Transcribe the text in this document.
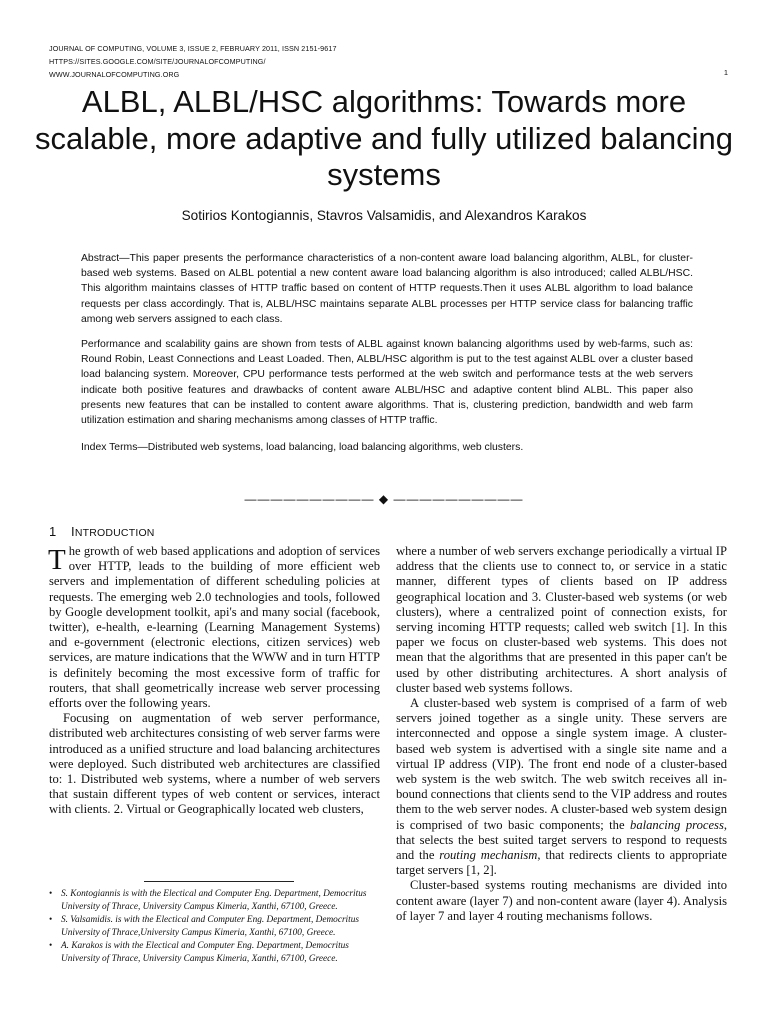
JOURNAL OF COMPUTING, VOLUME 3, ISSUE 2, FEBRUARY 2011, ISSN 2151-9617
HTTPS://SITES.GOOGLE.COM/SITE/JOURNALOFCOMPUTING/
WWW.JOURNALOFCOMPUTING.ORG	1
ALBL, ALBL/HSC algorithms: Towards more scalable, more adaptive and fully utilized balancing systems
Sotirios Kontogiannis, Stavros Valsamidis, and Alexandros Karakos
Abstract—This paper presents the performance characteristics of a non-content aware load balancing algorithm, ALBL, for cluster-based web systems. Based on ALBL potential a new content aware load balancing algorithm is also introduced; called ALBL/HSC. This algorithm maintains classes of HTTP traffic based on content of HTTP requests.Then it uses ALBL algorithm to load balance requests per class accordingly. That is, ALBL/HSC maintains separate ALBL processes per HTTP service class for balancing traffic among web servers assigned to each class.
Performance and scalability gains are shown from tests of ALBL against known balancing algorithms used by web-farms, such as: Round Robin, Least Connections and Least Loaded. Then, ALBL/HSC algorithm is put to the test against ALBL over a cluster based load balancing system. Moreover, CPU performance tests performed at the web switch and performance tests at the web servers indicate both positive features and drawbacks of content aware ALBL/HSC and adaptive content blind ALBL. This paper also presents new features that can be installed to content aware algorithms. That is, clustering prediction, bandwidth and web farm utilization estimation and sharing mechanisms among classes of HTTP traffic.
Index Terms—Distributed web systems, load balancing, load balancing algorithms, web clusters.
—————————— ◆ ——————————
1 INTRODUCTION

The growth of web based applications and adoption of services over HTTP, leads to the building of more efficient web servers and implementation of different scheduling policies at requests. The emerging web 2.0 technologies and tools, followed by Google development toolkit, api's and many social (facebook, twitter), e-health, e-learning (Learning Management Systems) and e-government (electronic elections, citizen services) web services, are mature indications that the WWW and in turn HTTP is definitely becoming the most excessive form of traffic for routers, that shall geometrically increase web server processing efforts over the following years.

Focusing on augmentation of web server performance, distributed web architectures consisting of web server farms were introduced as a unified structure and load balancing architectures were deployed. Such distributed web architectures are classified to: 1. Distributed web systems, where a number of web servers that sustain different types of web content or services, interact with clients. 2. Virtual or Geographically located web clusters,

where a number of web servers exchange periodically a virtual IP address that the clients use to connect to, or service in a static manner, different types of clients based on IP address geographical location and 3. Cluster-based web systems (or web clusters), where a centralized point of connection exists, for serving incoming HTTP requests; called web switch [1]. In this paper we focus on cluster-based web systems. This does not mean that the algorithms that are presented in this paper can't be used by other distributing architectures. A short analysis of cluster based web systems follows.

A cluster-based web system is comprised of a farm of web servers joined together as a single unity. These servers are interconnected and oppose a single system image. A cluster-based web system is advertised with a single site name and a virtual IP address (VIP). The front end node of a cluster-based web system is the web switch. The web switch receives all in-bound connections that clients send to the VIP address and routes them to the web server nodes. A cluster-based web system design is comprised of two basic components; the balancing process, that selects the best suited target servers to respond to requests and the routing mechanism, that redirects clients to appropriate target servers [1, 2].

Cluster-based systems routing mechanisms are divided into content aware (layer 7) and non-content aware (layer 4). Analysis of layer 7 and layer 4 routing mechanisms follows.

• S. Kontogiannis is with the Electical and Computer Eng. Department, Democritus University of Thrace, University Campus Kimeria, Xanthi, 67100, Greece.
• S. Valsamidis. is with the Electical and Computer Eng. Department, Democritus University of Thrace,University Campus Kimeria, Xanthi, 67100, Greece.
• A. Karakos is with the Electical and Computer Eng. Department, Democritus University of Thrace, University Campus Kimeria, Xanthi, 67100, Greece.
